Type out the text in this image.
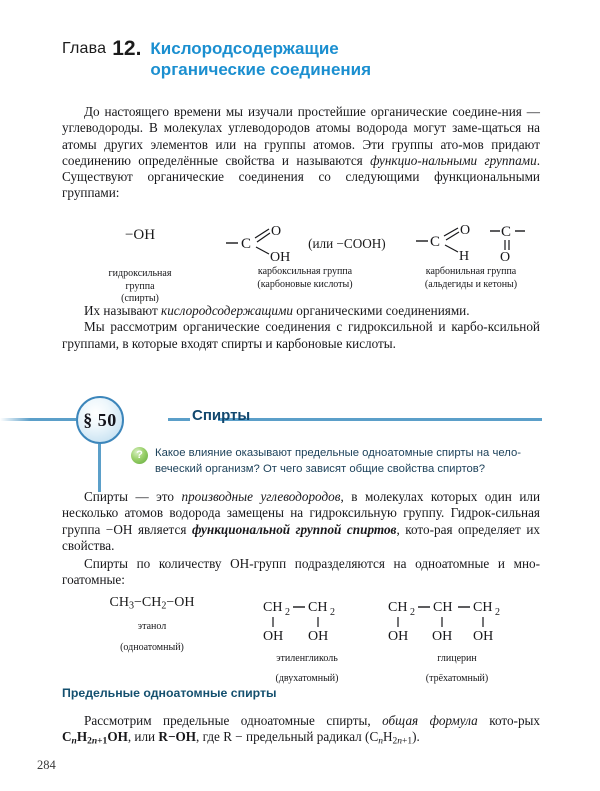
Глава 12. Кислородсодержащие органические соединения
До настоящего времени мы изучали простейшие органические соедине-ния — углеводороды. В молекулах углеводородов атомы водорода могут заме-щаться на атомы других элементов или на группы атомов. Эти группы ато-мов придают соединению определённые свойства и называются функцио-нальными группами. Существуют органические соединения со следующими функциональными группами:
−ОН
гидроксильная
группа
(спирты)
C
O
OH
(или −СООН)
карбоксильная группа
(карбоновые кислоты)
C
O
H

C
O
карбонильная группа
(альдегиды и кетоны)
Их называют кислородсодержащими органическими соединениями.
Мы рассмотрим органические соединения с гидроксильной и карбо-ксильной группами, в которые входят спирты и карбоновые кислоты.
§ 50	Спирты
? Какое влияние оказывают предельные одноатомные спирты на чело-веческий организм? От чего зависят общие свойства спиртов?
Спирты — это производные углеводородов, в молекулах которых один или несколько атомов водорода замещены на гидроксильную группу. Гидрок-сильная группа −ОН является функциональной группой спиртов, кото-рая определяет их свойства.
Спирты по количеству ОН-групп подразделяются на одноатомные и мно-гоатомные:
$CH_3-CH_2-OH$
этанол
(одноатомный)
CH 2 CH 2
OH OH
этиленгликоль
(двухатомный)
CH 2 CH CH 2
OH OH OH
глицерин
(трёхатомный)
Предельные одноатомные спирты
Рассмотрим предельные одноатомные спирты, общая формула кото-рых $C_nH_{2n+1}OH$, или R−OH, где R − предельный радикал $(C_nH_{2n+1})$.
284
